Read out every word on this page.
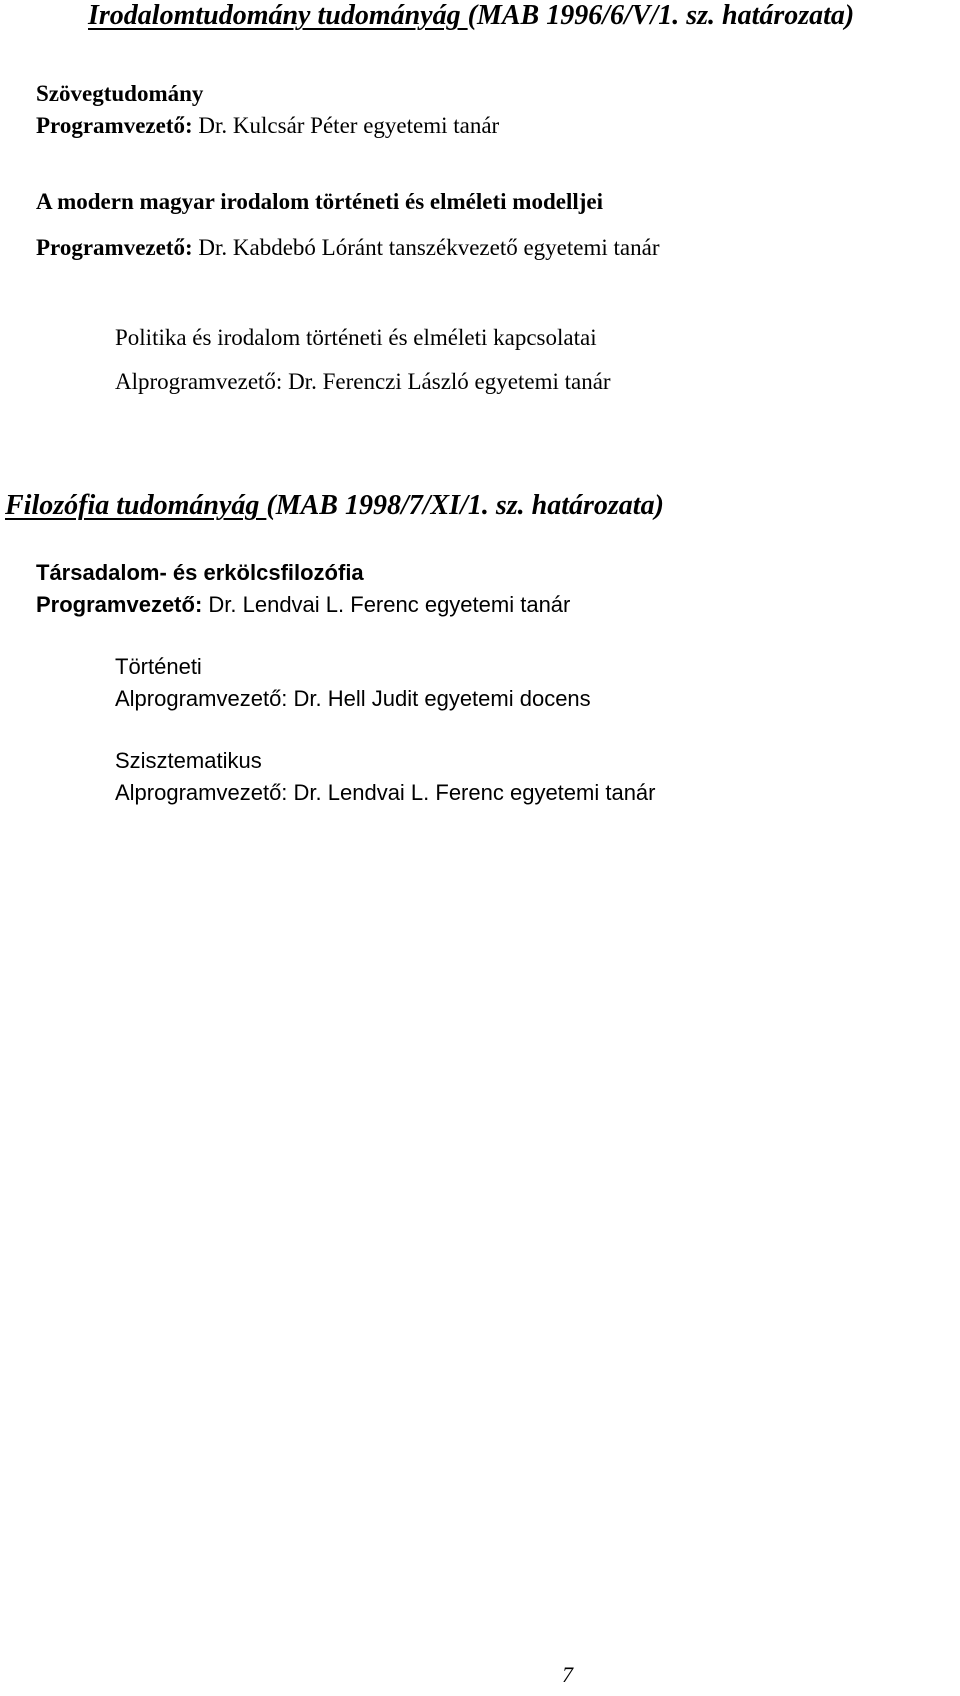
Irodalomtudomány tudományág (MAB 1996/6/V/1. sz. határozata)
Szövegtudomány
Programvezető: Dr. Kulcsár Péter egyetemi tanár
A modern magyar irodalom történeti és elméleti modelljei
Programvezető: Dr. Kabdebó Lóránt tanszékvezető egyetemi tanár
Politika és irodalom történeti és elméleti kapcsolatai
Alprogramvezető: Dr. Ferenczi László egyetemi tanár
Filozófia tudományág (MAB 1998/7/XI/1. sz. határozata)
Társadalom- és erkölcsfilozófia
Programvezető: Dr. Lendvai L. Ferenc egyetemi tanár
Történeti
Alprogramvezető: Dr. Hell Judit egyetemi docens
Szisztematikus
Alprogramvezető: Dr. Lendvai L. Ferenc egyetemi tanár
7
